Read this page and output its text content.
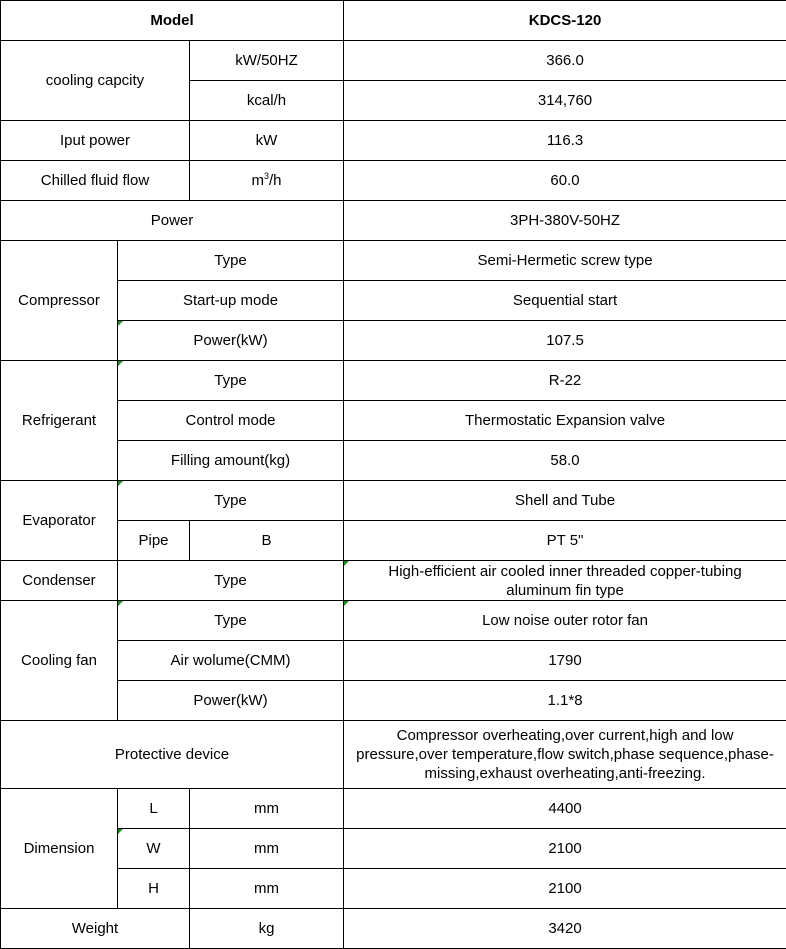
Model			KDCS-120
cooling capcity		kW/50HZ	366.0
		kcal/h	314,760
Iput power		kW	116.3
Chilled fluid flow		$m^3/h$	60.0
Power			3PH-380V-50HZ
Compressor	Type		Semi-Hermetic screw type
	Start-up mode		Sequential start
	Power(kW)		107.5
Refrigerant	Type		R-22
	Control mode		Thermostatic Expansion valve
	Filling amount(kg)		58.0
Evaporator	Type		Shell and Tube
	Pipe	B	PT 5"
Condenser	Type		High-efficient air cooled inner threaded copper-tubing
aluminum fin type
Cooling fan	Type		Low noise outer rotor fan
	Air wolume(CMM)		1790
	Power(kW)		1.1*8
Protective device			Compressor overheating,over current,high and low
pressure,over temperature,flow switch,phase sequence,phase-
missing,exhaust overheating,anti-freezing.
Dimension	L	mm	4400
	W	mm	2100
	H	mm	2100
Weight		kg	3420
